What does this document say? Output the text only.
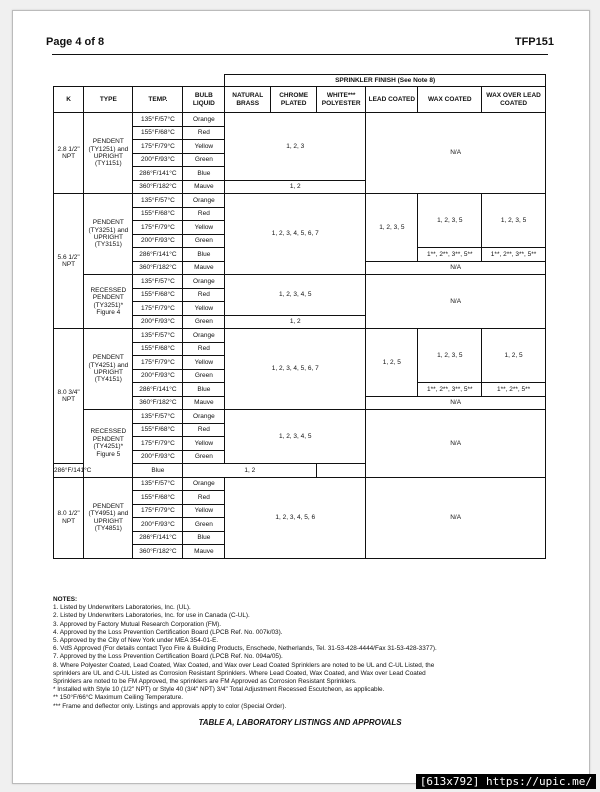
Page 4 of 8	TFP151
				SPRINKLER FINISH (See Note 8)					
K	TYPE	TEMP.	BULB LIQUID	NATURAL BRASS	CHROME PLATED	WHITE*** POLYESTER	LEAD COATED	WAX COATED	WAX OVER LEAD COATED
2.8 1/2" NPT	PENDENT (TY1251) and UPRIGHT (TY1151)	135°F/57°C	Orange	1, 2, 3			N/A		
		155°F/68°C	Red						
		175°F/79°C	Yellow						
		200°F/93°C	Green						
		286°F/141°C	Blue						
		360°F/182°C	Mauve	1, 2					
5.6 1/2" NPT	PENDENT (TY3251) and UPRIGHT (TY3151)	135°F/57°C	Orange	1, 2, 3, 4, 5, 6, 7			1, 2, 3, 5	1, 2, 3, 5	1, 2, 3, 5
		155°F/68°C	Red						
		175°F/79°C	Yellow						
		200°F/93°C	Green						
		286°F/141°C	Blue					1**, 2**, 3**, 5**	1**, 2**, 3**, 5**
		360°F/182°C	Mauve				N/A		
	RECESSED PENDENT (TY3251)* Figure 4	135°F/57°C	Orange	1, 2, 3, 4, 5			N/A		
		155°F/68°C	Red						
		175°F/79°C	Yellow						
		200°F/93°C	Green	1, 2					
8.0 3/4" NPT	PENDENT (TY4251) and UPRIGHT (TY4151)	135°F/57°C	Orange	1, 2, 3, 4, 5, 6, 7			1, 2, 5	1, 2, 3, 5	1, 2, 5
		155°F/68°C	Red						
		175°F/79°C	Yellow						
		200°F/93°C	Green						
		286°F/141°C	Blue					1**, 2**, 3**, 5**	1**, 2**, 5**
		360°F/182°C	Mauve				N/A		
	RECESSED PENDENT (TY4251)* Figure 5	135°F/57°C	Orange	1, 2, 3, 4, 5			N/A		
		155°F/68°C	Red						
		175°F/79°C	Yellow						
		200°F/93°C	Green						
286°F/141°C		Blue	1, 2						
8.0 1/2" NPT	PENDENT (TY4951) and UPRIGHT (TY4851)	135°F/57°C	Orange	1, 2, 3, 4, 5, 6			N/A		
		155°F/68°C	Red						
		175°F/79°C	Yellow						
		200°F/93°C	Green						
		286°F/141°C	Blue						
		360°F/182°C	Mauve						
NOTES:
1. Listed by Underwriters Laboratories, Inc. (UL).
2. Listed by Underwriters Laboratories, Inc. for use in Canada (C-UL).
3. Approved by Factory Mutual Research Corporation (FM).
4. Approved by the Loss Prevention Certification Board (LPCB Ref. No. 007k/03).
5. Approved by the City of New York under MEA 354-01-E.
6. VdS Approved (For details contact Tyco Fire & Building Products, Enschede, Netherlands, Tel. 31-53-428-4444/Fax 31-53-428-3377).
7. Approved by the Loss Prevention Certification Board (LPCB Ref. No. 094a/05).
8. Where Polyester Coated, Lead Coated, Wax Coated, and Wax over Lead Coated Sprinklers are noted to be UL and C-UL Listed, the
sprinklers are UL and C-UL Listed as Corrosion Resistant Sprinklers. Where Lead Coated, Wax Coated, and Wax over Lead Coated
Sprinklers are noted to be FM Approved, the sprinklers are FM Approved as Corrosion Resistant Sprinklers.
* Installed with Style 10 (1/2" NPT) or Style 40 (3/4" NPT) 3/4" Total Adjustment Recessed Escutcheon, as applicable.
** 150°F/66°C Maximum Ceiling Temperature.
*** Frame and deflector only. Listings and approvals apply to color (Special Order).
TABLE A, LABORATORY LISTINGS AND APPROVALS
[613x792] https://upic.me/
